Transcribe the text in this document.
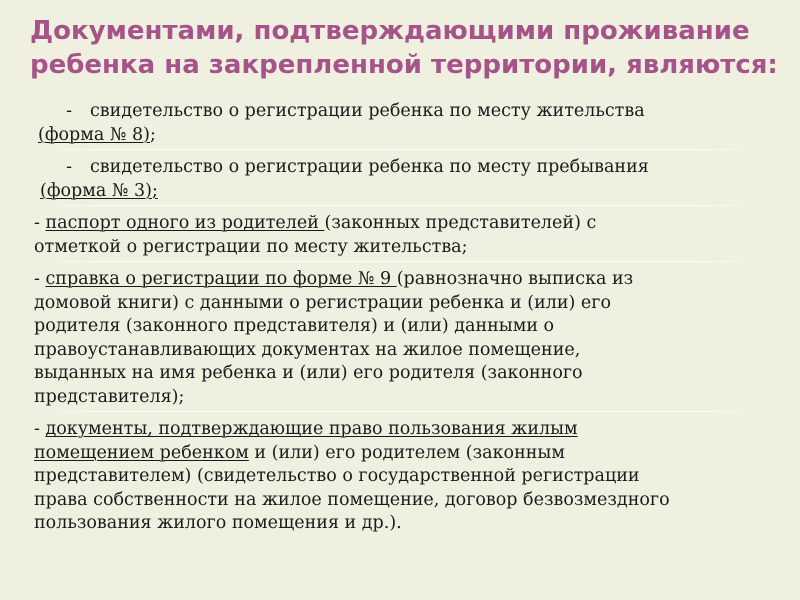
Документами, подтверждающими проживание
ребенка на закрепленной территории, являются:
- свидетельство о регистрации ребенка по месту жительства
(форма № 8);
- свидетельство о регистрации ребенка по месту пребывания
(форма № 3);
- паспорт одного из родителей (законных представителей) с
отметкой о регистрации по месту жительства;
- справка о регистрации по форме № 9 (равнозначно выписка из
домовой книги) с данными о регистрации ребенка и (или) его
родителя (законного представителя) и (или) данными о
правоустанавливающих документах на жилое помещение,
выданных на имя ребенка и (или) его родителя (законного
представителя);
- документы, подтверждающие право пользования жилым
помещением ребенком и (или) его родителем (законным
представителем) (свидетельство о государственной регистрации
права собственности на жилое помещение, договор безвозмездного
пользования жилого помещения и др.).
